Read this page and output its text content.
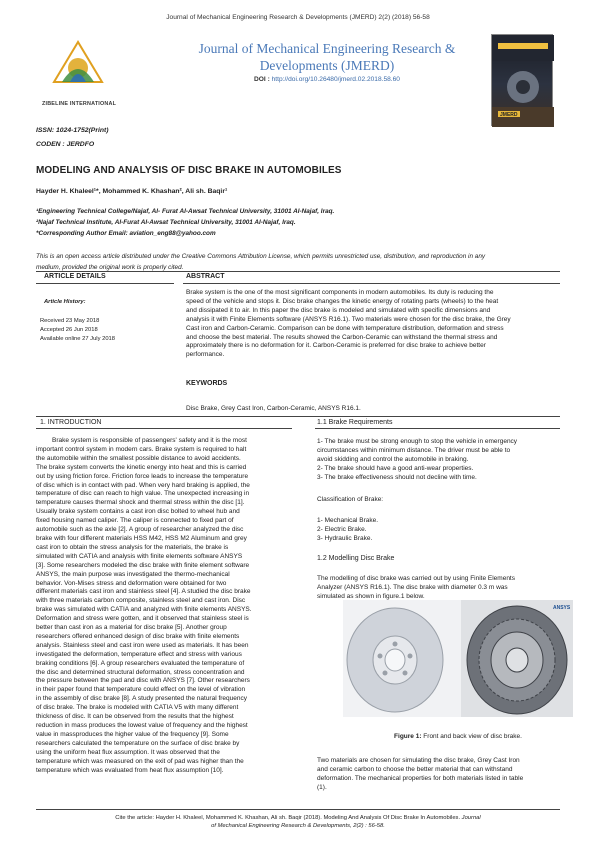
Journal of Mechanical Engineering Research & Developments (JMERD) 2(2) (2018) 56-58
ZIBELINE INTERNATIONAL
Journal of Mechanical Engineering Research & Developments (JMERD)
DOI : http://doi.org/10.26480/jmerd.02.2018.58.60
JMERD
ISSN: 1024-1752(Print)
CODEN : JERDFO
MODELING AND ANALYSIS OF DISC BRAKE IN AUTOMOBILES
Hayder H. Khaleel¹*, Mohammed K. Khashan², Ali sh. Baqir¹
¹Engineering Technical College/Najaf, Al- Furat Al-Awsat Technical University, 31001 Al-Najaf, Iraq.
²Najaf Technical Institute, Al-Furat Al-Awsat Technical University, 31001 Al-Najaf, Iraq.
*Corresponding Author Email: aviation_eng88@yahoo.com
This is an open access article distributed under the Creative Commons Attribution License, which permits unrestricted use, distribution, and reproduction in any medium, provided the original work is properly cited.
ARTICLE DETAILS
Article History:
Received 23 May 2018
Accepted 26 Jun 2018
Available online 27 July 2018
ABSTRACT
Brake system is the one of the most significant components in modern automobiles. Its duty is reducing the
speed of the vehicle and stops it. Disc brake changes the kinetic energy of rotating parts (wheels) to the heat
and dissipated it to air. In this paper the disc brake is modeled and simulated with specific dimensions and
analysis it with Finite Elements software (ANSYS R16.1). Two materials were chosen for the disc brake, the Grey
Cast iron and Carbon-Ceramic. Comparison can be done with temperature distribution, deformation and stress
and choose the best material. The results showed the Carbon-Ceramic can withstand the thermal stress and
approximately there is no deformation for it. Carbon-Ceramic is preferred for disc brake to achieve better
performance.
KEYWORDS
Disc Brake, Grey Cast Iron, Carbon-Ceramic, ANSYS R16.1.
1. INTRODUCTION
Brake system is responsible of passengers' safety and it is the most
important control system in modern cars. Brake system is required to halt
the automobile within the smallest possible distance to avoid accidents.
The brake system converts the kinetic energy into heat and this is carried
out by using friction force. Friction force leads to increase the temperature
of disc which is in contact with pad. When very hard braking is applied, the
temperature of disc can reach to high value. The unexpected increasing in
temperature causes thermal shock and thermal stress within the disc [1].
Usually brake system contains a cast iron disc bolted to wheel hub and
fixed housing named caliper. The caliper is connected to fixed part of
automobile such as the axle [2]. A group of researcher analyzed the disc
brake with four different materials HSS M42, HSS M2 Aluminum and grey
cast iron to obtain the stress analysis for the materials, the brake is
simulated with CATIA and analysis with finite elements software ANSYS
[3]. Some researchers modeled the disc brake with finite element software
ANSYS, the main purpose was investigated the thermo-mechanical
behavior. Von-Mises stress and deformation were obtained for two
different materials cast iron and stainless steel [4]. A studied the disc brake
with three materials carbon composite, stainless steel and cast iron. Disc
brake was simulated with CATIA and analyzed with finite elements ANSYS.
Deformation and stress were gotten, and it observed that stainless steel is
better than cast iron as a material for disc brake [5]. Another group
researchers offered enhanced design of disc brake with finite elements
analysis. Stainless steel and cast iron were used as materials. It has been
investigated the deformation, temperature effect and stress with various
braking conditions [6]. A group researchers evaluated the temperature of
the disc and determined structural deformation, stress concentration and
the pressure between the pad and disc with ANSYS [7]. Other researchers
in their paper found that temperature could effect on the level of vibration
in the assembly of disc brake [8]. A study presented the natural frequency
of disc brake. The brake is modeled with CATIA V5 with many different
thickness of disc. It can be observed from the results that the highest
reduction in mass produces the lowest value of frequency and the highest
value in massproduces the higher value of the frequency [9]. Some
researchers calculated the temperature on the surface of disc brake by
using the uniform heat flux assumption. It was observed that the
temperature which was measured on the exit of pad was higher than the
temperature which was evaluated from heat flux assumption [10].
1.1 Brake Requirements
1- The brake must be strong enough to stop the vehicle in emergency
circumstances within minimum distance. The driver must be able to
avoid skidding and control the automobile in braking.
2- The brake should have a good anti-wear properties.
3- The brake effectiveness should not decline with time.
Classification of Brake:
1- Mechanical Brake.
2- Electric Brake.
3- Hydraulic Brake.
1.2 Modelling Disc Brake
The modelling of disc brake was carried out by using Finite Elements
Analyzer (ANSYS R16.1). The disc brake with diameter 0.3 m was
simulated as shown in figure.1 below.
ANSYS
Figure 1: Front and back view of disc brake.
Two materials are chosen for simulating the disc brake, Grey Cast Iron
and ceramic carbon to choose the better material that can withstand
deformation. The mechanical properties for both materials listed in table
(1).
Cite the article: Hayder H. Khaleel, Mohammed K. Khashan, Ali sh. Baqir (2018). Modeling And Analysis Of Disc Brake In Automobiles. Journal
of Mechanical Engineering Research & Developments, 2(2) : 56-58.
